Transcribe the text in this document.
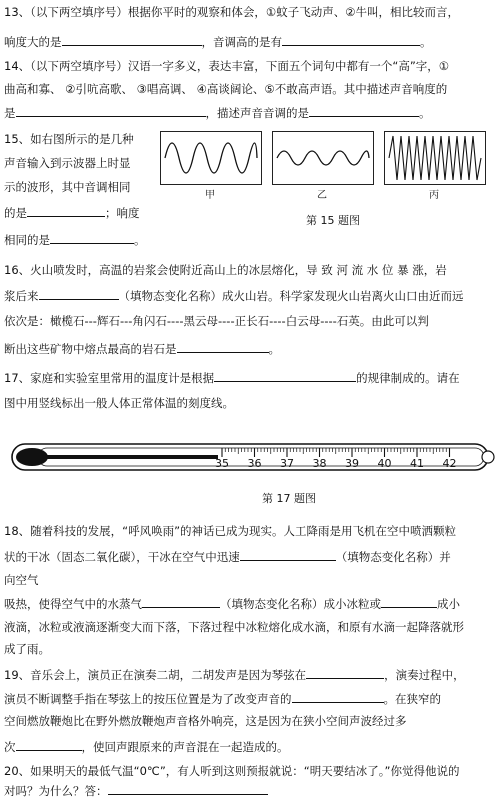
13、（以下两空填序号）根据你平时的观察和体会，①蚊子飞动声、②牛叫，相比较而言，
响度大的是	，音调高的是有	。
14、（以下两空填序号）汉语一字多义，表达丰富，下面五个词句中都有一个“高”字，①
曲高和寡、 ②引吭高歌、 ③唱高调、 ④高谈阔论、⑤不敢高声语。其中描述声音响度的
是	，描述声音音调的是	。
15、如右图所示的是几种
声音输入到示波器上时显
示的波形，其中音调相同
的是	；响度
相同的是	。
甲	乙	丙
第 15 题图
16、火山喷发时，高温的岩浆会使附近高山上的冰层熔化，导 致 河 流 水 位 暴 涨，岩
浆后来	（填物态变化名称）成火山岩。科学家发现火山岩离火山口由近而远
依次是：橄榄石---辉石---角闪石----黑云母----正长石----白云母----石英。由此可以判
断出这些矿物中熔点最高的岩石是	。
17、家庭和实验室里常用的温度计是根据	的规律制成的。请在
图中用竖线标出一般人体正常体温的刻度线。
35 36 37 38 39 40 41 42
第 17 题图
18、随着科技的发展，“呼风唤雨”的神话已成为现实。人工降雨是用飞机在空中喷洒颗粒
状的干冰（固态二氧化碳），干冰在空气中迅速	（填物态变化名称）并
向空气
吸热，使得空气中的水蒸气	（填物态变化名称）成小冰粒或	成小
液滴，冰粒或液滴逐渐变大而下落，下落过程中冰粒熔化成水滴，和原有水滴一起降落就形
成了雨。
19、音乐会上，演员正在演奏二胡，二胡发声是因为琴弦在	，演奏过程中，
演员不断调整手指在琴弦上的按压位置是为了改变声音的	。在狭窄的
空间燃放鞭炮比在野外燃放鞭炮声音格外响亮，这是因为在狭小空间声波经过多
次	，使回声跟原来的声音混在一起造成的。
20、如果明天的最低气温“0℃”，有人听到这则预报就说：“明天要结冰了。”你觉得他说的
对吗？为什么？答：
